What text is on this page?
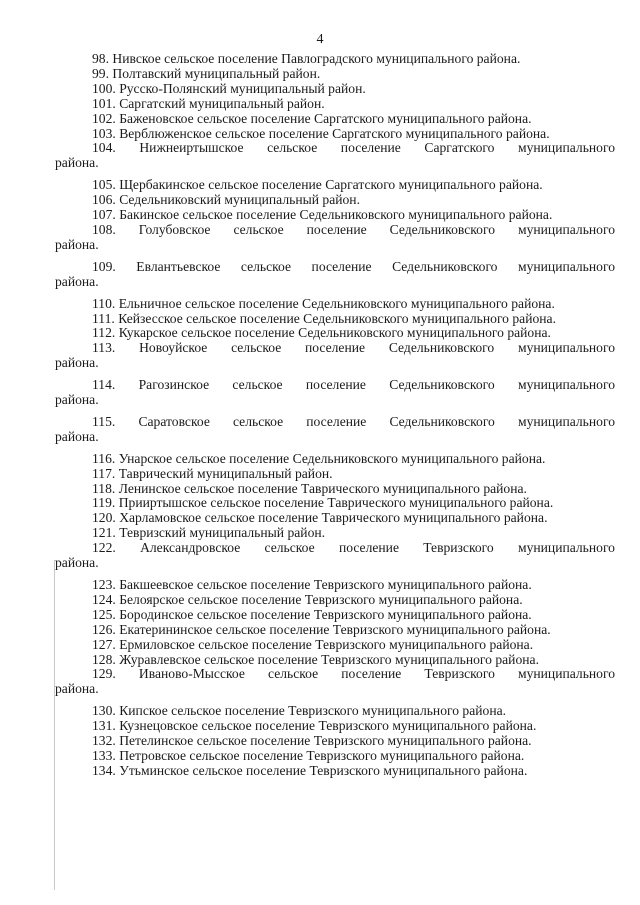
4
98. Нивское сельское поселение Павлоградского муниципального района.
99. Полтавский муниципальный район.
100. Русско-Полянский муниципальный район.
101. Саргатский муниципальный район.
102. Баженовское сельское поселение Саргатского муниципального района.
103. Верблюженское сельское поселение Саргатского муниципального района.
104. Нижнеиртышское сельское поселение Саргатского муниципального
района.
105. Щербакинское сельское поселение Саргатского муниципального района.
106. Седельниковский муниципальный район.
107. Бакинское сельское поселение Седельниковского муниципального района.
108. Голубовское сельское поселение Седельниковского муниципального
района.
109. Евлантьевское сельское поселение Седельниковского муниципального
района.
110. Ельничное сельское поселение Седельниковского муниципального района.
111. Кейзесское сельское поселение Седельниковского муниципального района.
112. Кукарское сельское поселение Седельниковского муниципального района.
113. Новоуйское сельское поселение Седельниковского муниципального
района.
114. Рагозинское сельское поселение Седельниковского муниципального
района.
115. Саратовское сельское поселение Седельниковского муниципального
района.
116. Унарское сельское поселение Седельниковского муниципального района.
117. Таврический муниципальный район.
118. Ленинское сельское поселение Таврического муниципального района.
119. Прииртышское сельское поселение Таврического муниципального района.
120. Харламовское сельское поселение Таврического муниципального района.
121. Тевризский муниципальный район.
122. Александровское сельское поселение Тевризского муниципального
района.
123. Бакшеевское сельское поселение Тевризского муниципального района.
124. Белоярское сельское поселение Тевризского муниципального района.
125. Бородинское сельское поселение Тевризского муниципального района.
126. Екатерининское сельское поселение Тевризского муниципального района.
127. Ермиловское сельское поселение Тевризского муниципального района.
128. Журавлевское сельское поселение Тевризского муниципального района.
129. Иваново-Мысское сельское поселение Тевризского муниципального
района.
130. Кипское сельское поселение Тевризского муниципального района.
131. Кузнецовское сельское поселение Тевризского муниципального района.
132. Петелинское сельское поселение Тевризского муниципального района.
133. Петровское сельское поселение Тевризского муниципального района.
134. Утьминское сельское поселение Тевризского муниципального района.
